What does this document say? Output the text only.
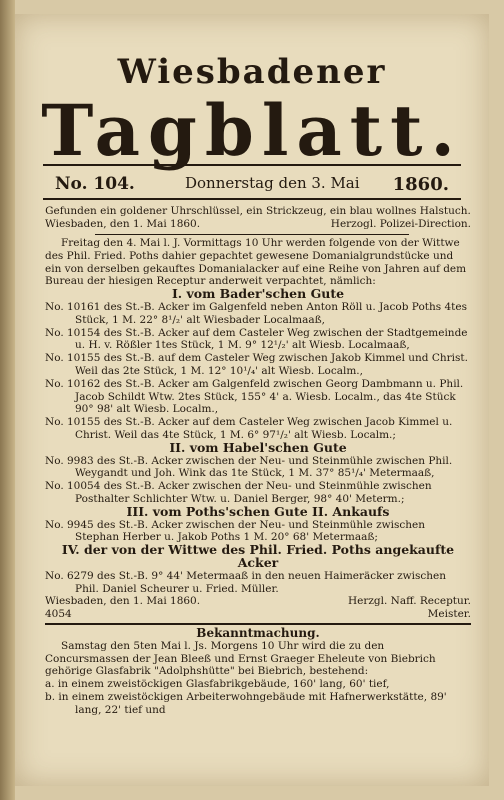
Wiesbadener
Tagblatt.
No. 104.	Donnerstag den 3. Mai 1860.

Gefunden ein goldener Uhrschlüssel, ein Strickzeug, ein blau wollnes Halstuch.

Wiesbaden, den 1. Mai 1860.	Herzogl. Polizei-Direction.

Freitag den 4. Mai l. J. Vormittags 10 Uhr werden folgende von der Wittwe des Phil. Fried. Poths dahier gepachtet gewesene Domanialgrundstücke und ein von derselben gekauftes Domanialacker auf eine Reihe von Jahren auf dem Bureau der hiesigen Receptur anderweit verpachtet, nämlich:

I. vom Bader'schen Gute

No. 10161 des St.-B. Acker im Galgenfeld neben Anton Röll u. Jacob Poths 4tes Stück, 1 M. 22° 8¹/₂' alt Wiesbader Localmaaß,

No. 10154 des St.-B. Acker auf dem Casteler Weg zwischen der Stadtgemeinde u. H. v. Rößler 1tes Stück, 1 M. 9° 12¹/₂' alt Wiesb. Localmaaß,

No. 10155 des St.-B. auf dem Casteler Weg zwischen Jakob Kimmel und Christ. Weil das 2te Stück, 1 M. 12° 10¹/₄' alt Wiesb. Localm.,

No. 10162 des St.-B. Acker am Galgenfeld zwischen Georg Dambmann u. Phil. Jacob Schildt Wtw. 2tes Stück, 155° 4' a. Wiesb. Localm., das 4te Stück 90° 98' alt Wiesb. Localm.,

No. 10155 des St.-B. Acker auf dem Casteler Weg zwischen Jacob Kimmel u. Christ. Weil das 4te Stück, 1 M. 6° 97¹/₂' alt Wiesb. Localm.;

II. vom Habel'schen Gute

No. 9983 des St.-B. Acker zwischen der Neu- und Steinmühle zwischen Phil. Weygandt und Joh. Wink das 1te Stück, 1 M. 37° 85¹/₄' Metermaaß,

No. 10054 des St.-B. Acker zwischen der Neu- und Steinmühle zwischen Posthalter Schlichter Wtw. u. Daniel Berger, 98° 40' Meterm.;

III. vom Poths'schen Gute II. Ankaufs

No. 9945 des St.-B. Acker zwischen der Neu- und Steinmühle zwischen Stephan Herber u. Jakob Poths 1 M. 20° 68' Metermaaß;

IV. der von der Wittwe des Phil. Fried. Poths angekaufte Acker

No. 6279 des St.-B. 9° 44' Metermaaß in den neuen Haimeräcker zwischen Phil. Daniel Scheurer u. Fried. Müller.

Wiesbaden, den 1. Mai 1860.	Herzgl. Naff. Receptur.
4054	Meister.

Bekanntmachung.

Samstag den 5ten Mai l. Js. Morgens 10 Uhr wird die zu den Concursmassen der Jean Bleeß und Ernst Graeger Eheleute von Biebrich gehörige Glasfabrik "Adolphshütte" bei Biebrich, bestehend:

a. in einem zweistöckigen Glasfabrikgebäude, 160' lang, 60' tief,

b. in einem zweistöckigen Arbeiterwohngebäude mit Hafnerwerkstätte, 89' lang, 22' tief und
